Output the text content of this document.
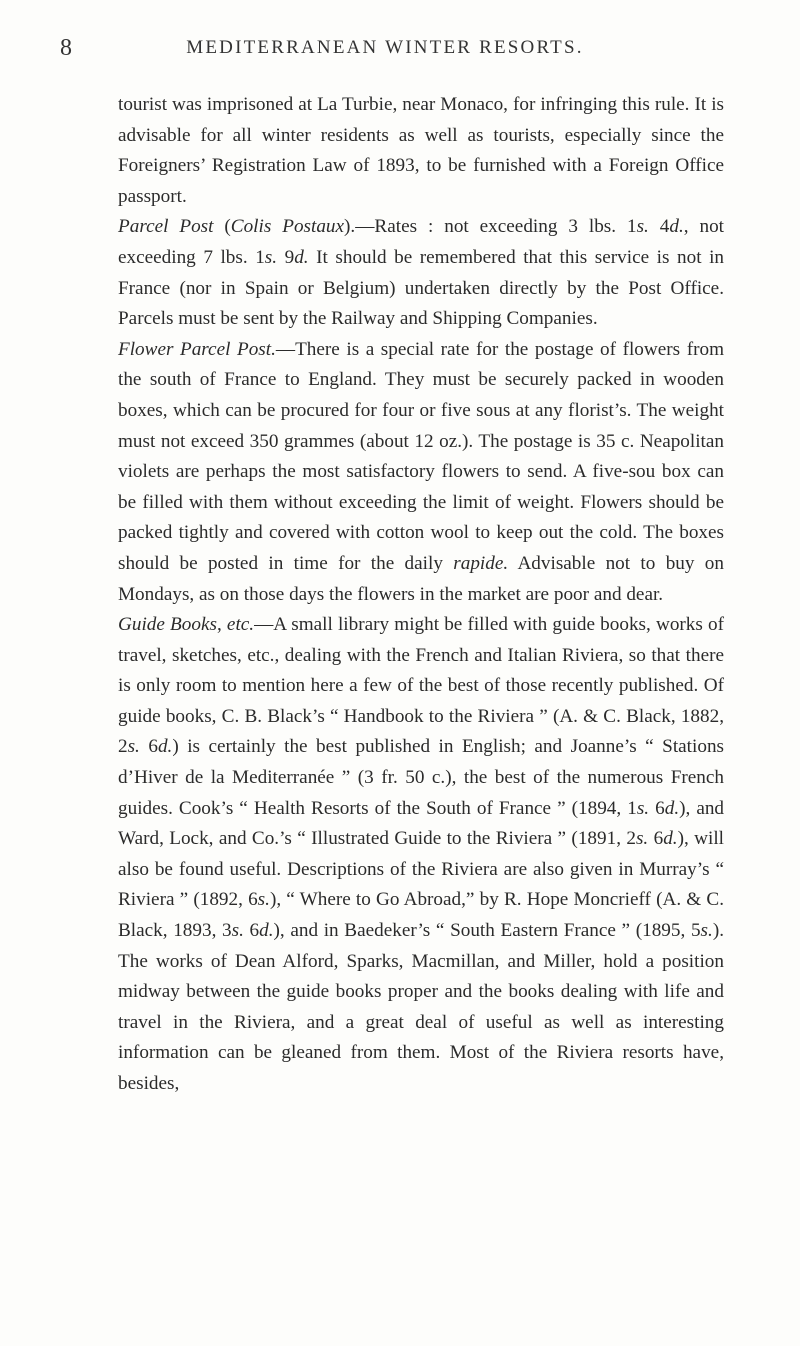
8	MEDITERRANEAN WINTER RESORTS.

tourist was imprisoned at La Turbie, near Monaco, for infringing this rule. It is advisable for all winter residents as well as tourists, especially since the Foreigners’ Registration Law of 1893, to be furnished with a Foreign Office passport.

Parcel Post (Colis Postaux).—Rates : not exceeding 3 lbs. 1s. 4d., not exceeding 7 lbs. 1s. 9d. It should be remembered that this service is not in France (nor in Spain or Belgium) undertaken directly by the Post Office. Parcels must be sent by the Railway and Shipping Companies.

Flower Parcel Post.—There is a special rate for the postage of flowers from the south of France to England. They must be securely packed in wooden boxes, which can be procured for four or five sous at any florist’s. The weight must not exceed 350 grammes (about 12 oz.). The postage is 35 c. Neapolitan violets are perhaps the most satisfactory flowers to send. A five-sou box can be filled with them without exceeding the limit of weight. Flowers should be packed tightly and covered with cotton wool to keep out the cold. The boxes should be posted in time for the daily rapide. Advisable not to buy on Mondays, as on those days the flowers in the market are poor and dear.

Guide Books, etc.—A small library might be filled with guide books, works of travel, sketches, etc., dealing with the French and Italian Riviera, so that there is only room to mention here a few of the best of those recently published. Of guide books, C. B. Black’s “ Handbook to the Riviera ” (A. & C. Black, 1882, 2s. 6d.) is certainly the best published in English; and Joanne’s “ Stations d’Hiver de la Mediterranée ” (3 fr. 50 c.), the best of the numerous French guides. Cook’s “ Health Resorts of the South of France ” (1894, 1s. 6d.), and Ward, Lock, and Co.’s “ Illustrated Guide to the Riviera ” (1891, 2s. 6d.), will also be found useful. Descriptions of the Riviera are also given in Murray’s “ Riviera ” (1892, 6s.), “ Where to Go Abroad,” by R. Hope Moncrieff (A. & C. Black, 1893, 3s. 6d.), and in Baedeker’s “ South Eastern France ” (1895, 5s.). The works of Dean Alford, Sparks, Macmillan, and Miller, hold a position midway between the guide books proper and the books dealing with life and travel in the Riviera, and a great deal of useful as well as interesting information can be gleaned from them. Most of the Riviera resorts have, besides,
